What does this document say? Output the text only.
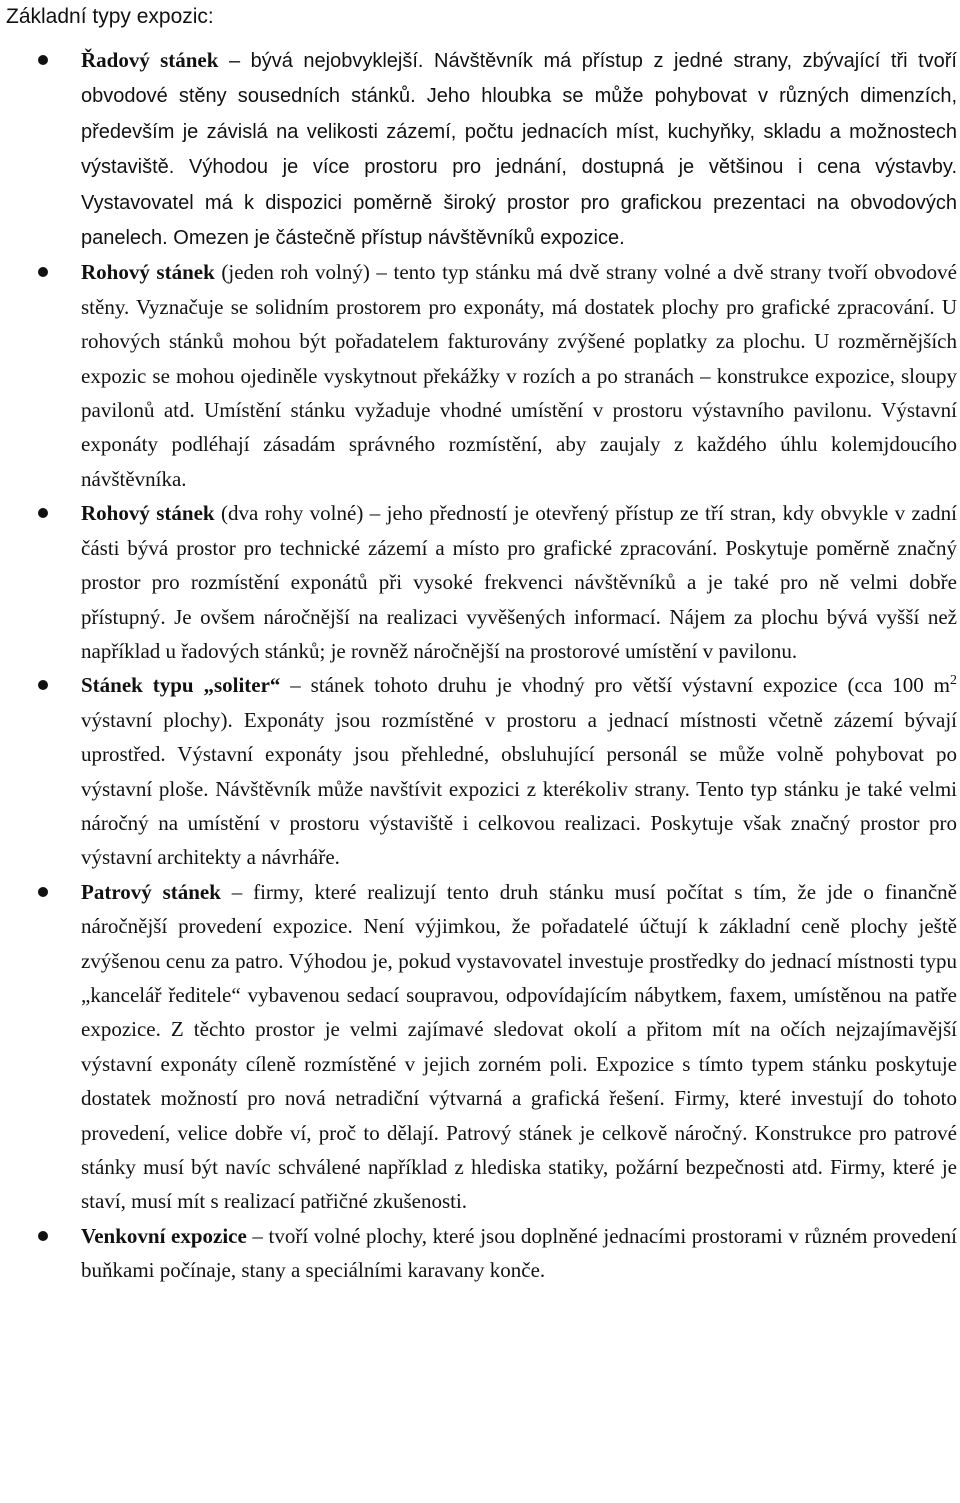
Základní typy expozic:
Řadový stánek – bývá nejobvyklejší. Návštěvník má přístup z jedné strany, zbývající tři tvoří obvodové stěny sousedních stánků. Jeho hloubka se může pohybovat v různých dimenzích, především je závislá na velikosti zázemí, počtu jednacích míst, kuchyňky, skladu a možnostech výstaviště. Výhodou je více prostoru pro jednání, dostupná je většinou i cena výstavby. Vystavovatel má k dispozici poměrně široký prostor pro grafickou prezentaci na obvodových panelech. Omezen je částečně přístup návštěvníků expozice.
Rohový stánek (jeden roh volný) – tento typ stánku má dvě strany volné a dvě strany tvoří obvodové stěny. Vyznačuje se solidním prostorem pro exponáty, má dostatek plochy pro grafické zpracování. U rohových stánků mohou být pořadatelem fakturovány zvýšené poplatky za plochu. U rozměrnějších expozic se mohou ojediněle vyskytnout překážky v rozích a po stranách – konstrukce expozice, sloupy pavilonů atd. Umístění stánku vyžaduje vhodné umístění v prostoru výstavního pavilonu. Výstavní exponáty podléhají zásadám správného rozmístění, aby zaujaly z každého úhlu kolemjdoucího návštěvníka.
Rohový stánek (dva rohy volné) – jeho předností je otevřený přístup ze tří stran, kdy obvykle v zadní části bývá prostor pro technické zázemí a místo pro grafické zpracování. Poskytuje poměrně značný prostor pro rozmístění exponátů při vysoké frekvenci návštěvníků a je také pro ně velmi dobře přístupný. Je ovšem náročnější na realizaci vyvěšených informací. Nájem za plochu bývá vyšší než například u řadových stánků; je rovněž náročnější na prostorové umístění v pavilonu.
Stánek typu „soliter“ – stánek tohoto druhu je vhodný pro větší výstavní expozice (cca 100 $m^2$ výstavní plochy). Exponáty jsou rozmístěné v prostoru a jednací místnosti včetně zázemí bývají uprostřed. Výstavní exponáty jsou přehledné, obsluhující personál se může volně pohybovat po výstavní ploše. Návštěvník může navštívit expozici z kterékoliv strany. Tento typ stánku je také velmi náročný na umístění v prostoru výstaviště i celkovou realizaci. Poskytuje však značný prostor pro výstavní architekty a návrháře.
Patrový stánek – firmy, které realizují tento druh stánku musí počítat s tím, že jde o finančně náročnější provedení expozice. Není výjimkou, že pořadatelé účtují k základní ceně plochy ještě zvýšenou cenu za patro. Výhodou je, pokud vystavovatel investuje prostředky do jednací místnosti typu „kancelář ředitele“ vybavenou sedací soupravou, odpovídajícím nábytkem, faxem, umístěnou na patře expozice. Z těchto prostor je velmi zajímavé sledovat okolí a přitom mít na očích nejzajímavější výstavní exponáty cíleně rozmístěné v jejich zorném poli. Expozice s tímto typem stánku poskytuje dostatek možností pro nová netradiční výtvarná a grafická řešení. Firmy, které investují do tohoto provedení, velice dobře ví, proč to dělají. Patrový stánek je celkově náročný. Konstrukce pro patrové stánky musí být navíc schválené například z hlediska statiky, požární bezpečnosti atd. Firmy, které je staví, musí mít s realizací patřičné zkušenosti.
Venkovní expozice – tvoří volné plochy, které jsou doplněné jednacími prostorami v různém provedení buňkami počínaje, stany a speciálními karavany konče.
